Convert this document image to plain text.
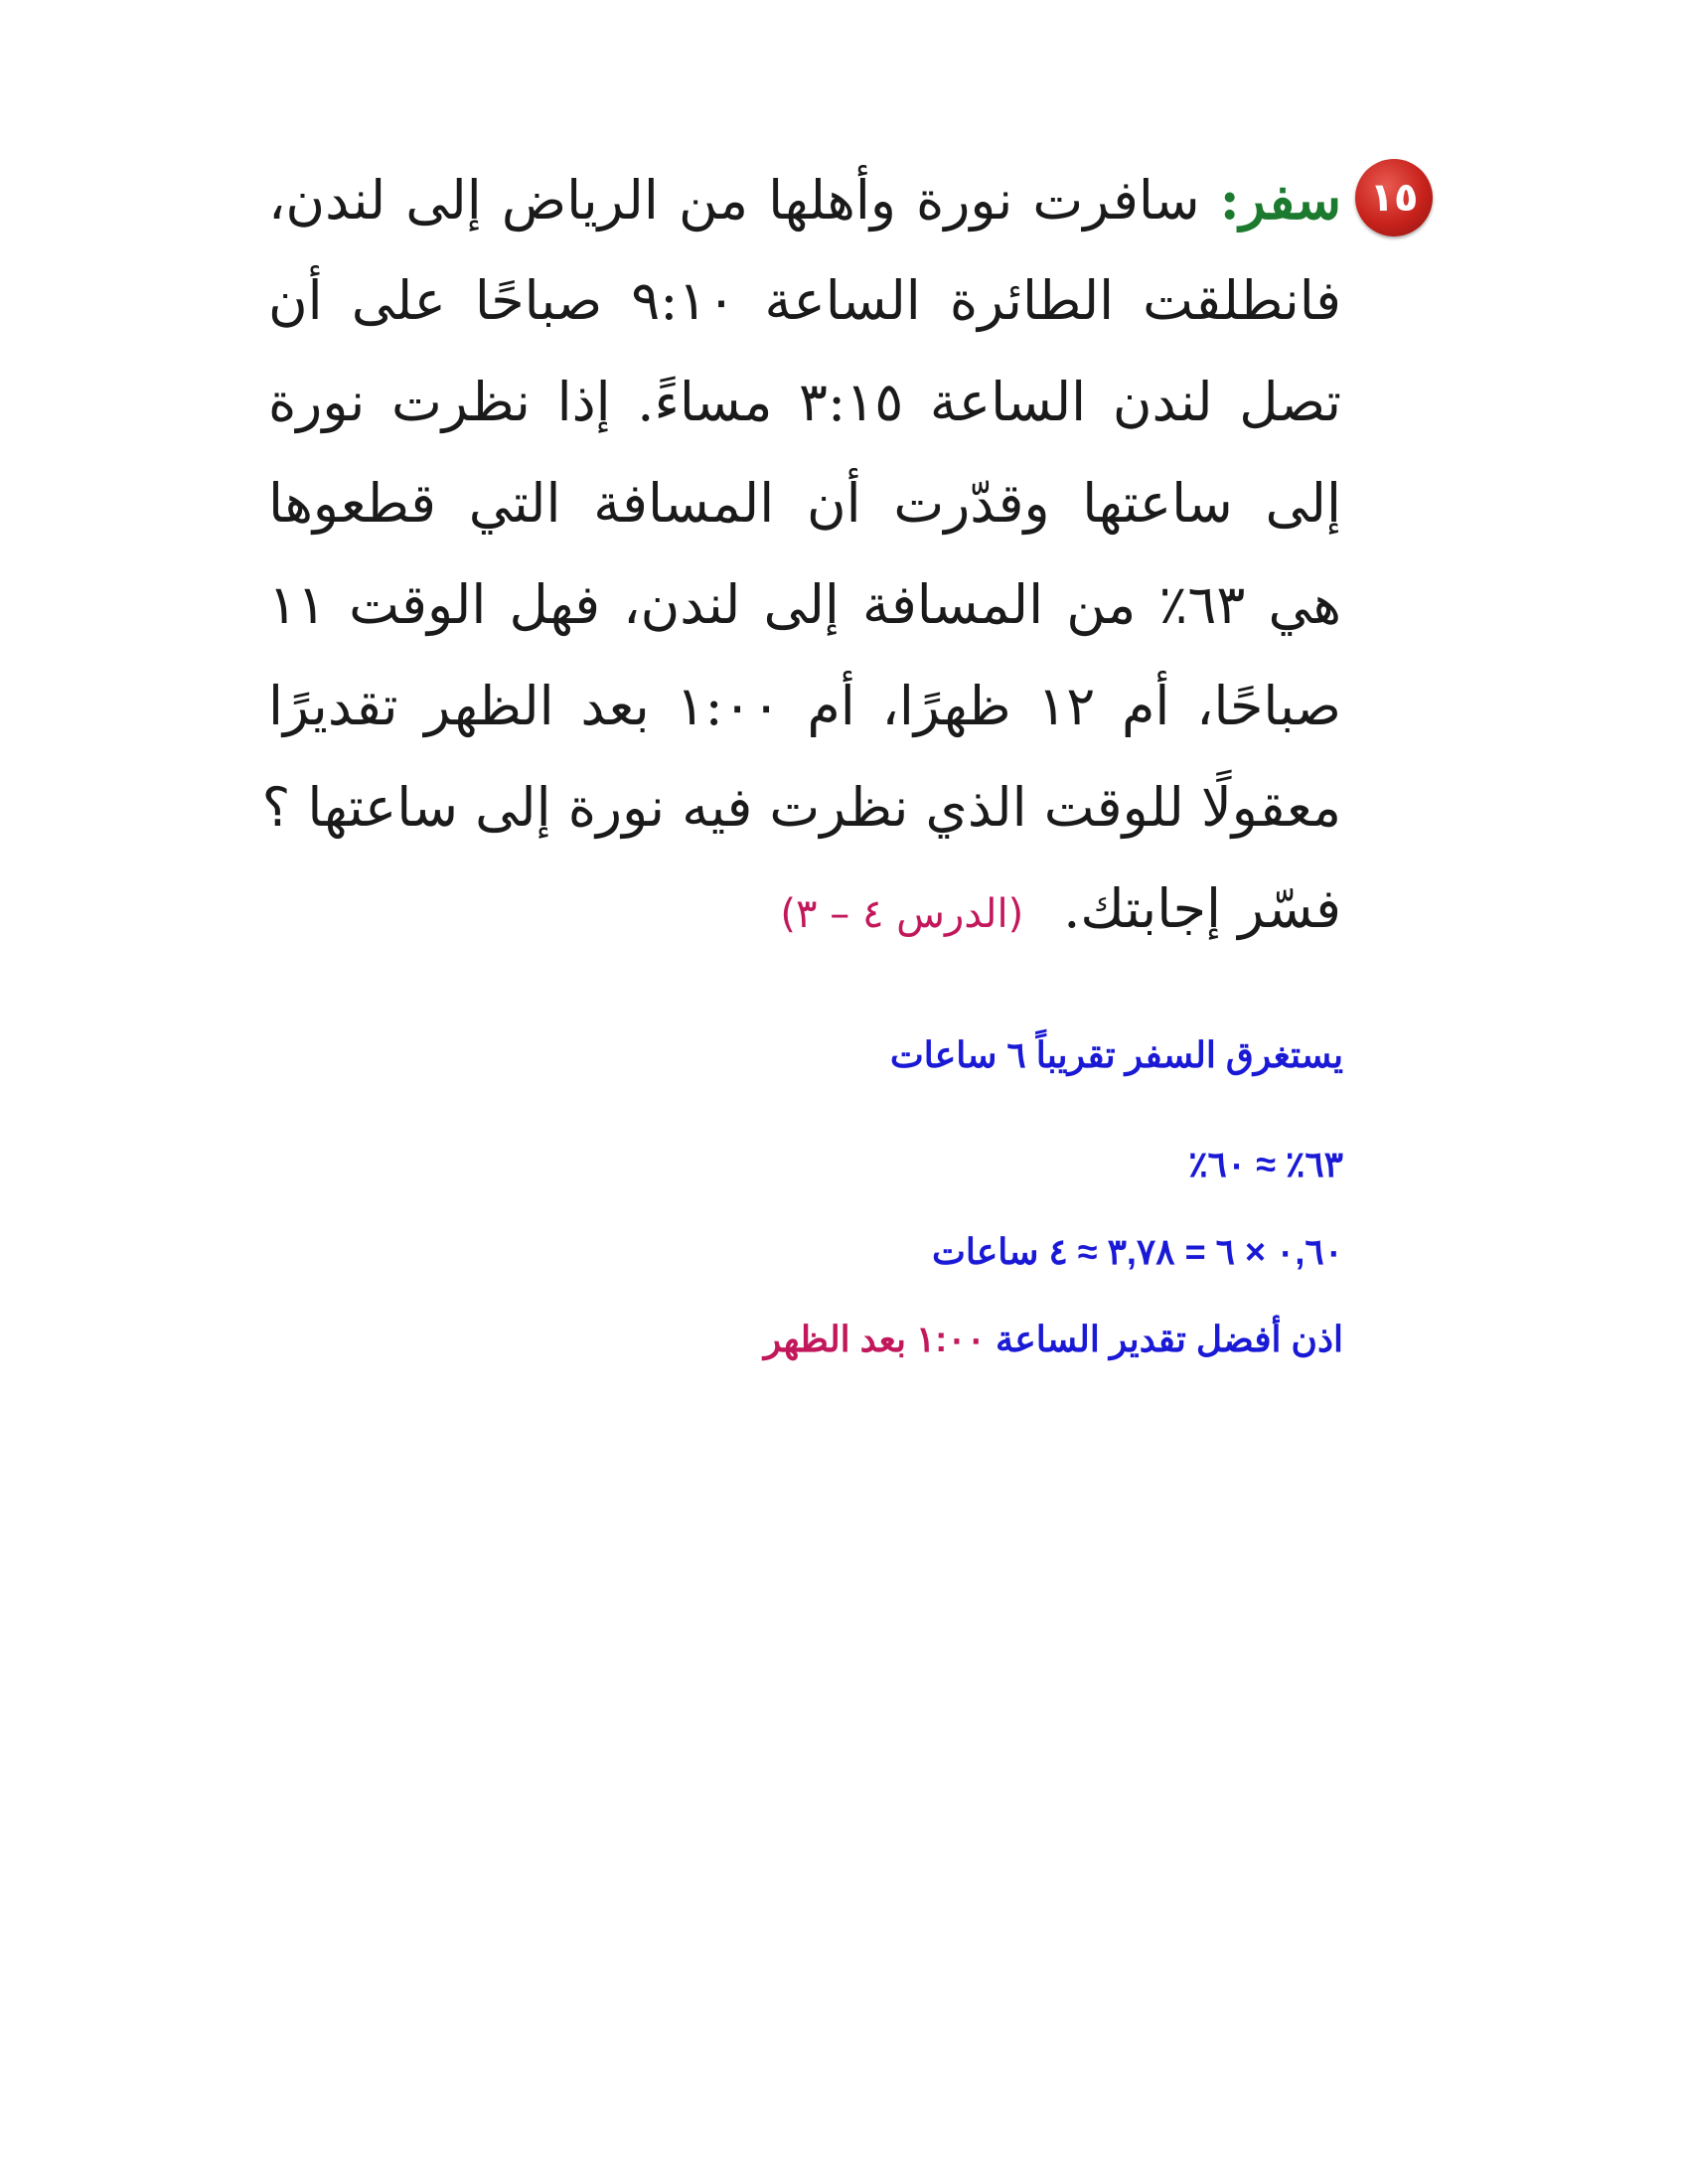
١٥
سفر: سافرت نورة وأهلها من الرياض إلى لندن،
فانطلقت الطائرة الساعة ٩:١٠ صباحًا على أن
تصل لندن الساعة ٣:١٥ مساءً. إذا نظرت نورة
إلى ساعتها وقدّرت أن المسافة التي قطعوها
هي ٦٣٪ من المسافة إلى لندن، فهل الوقت ١١
صباحًا، أم ١٢ ظهرًا، أم ١:٠٠ بعد الظهر تقديرًا
معقولًا للوقت الذي نظرت فيه نورة إلى ساعتها ؟
فسّر إجابتك.(الدرس ٤ – ٣)
يستغرق السفر تقريباً ٦ ساعات
٦٣٪ ≈ ٦٠٪
٠,٦٠ × ٦ = ٣,٧٨ ≈ ٤ ساعات
اذن أفضل تقدير الساعة ١:٠٠ بعد الظهر
